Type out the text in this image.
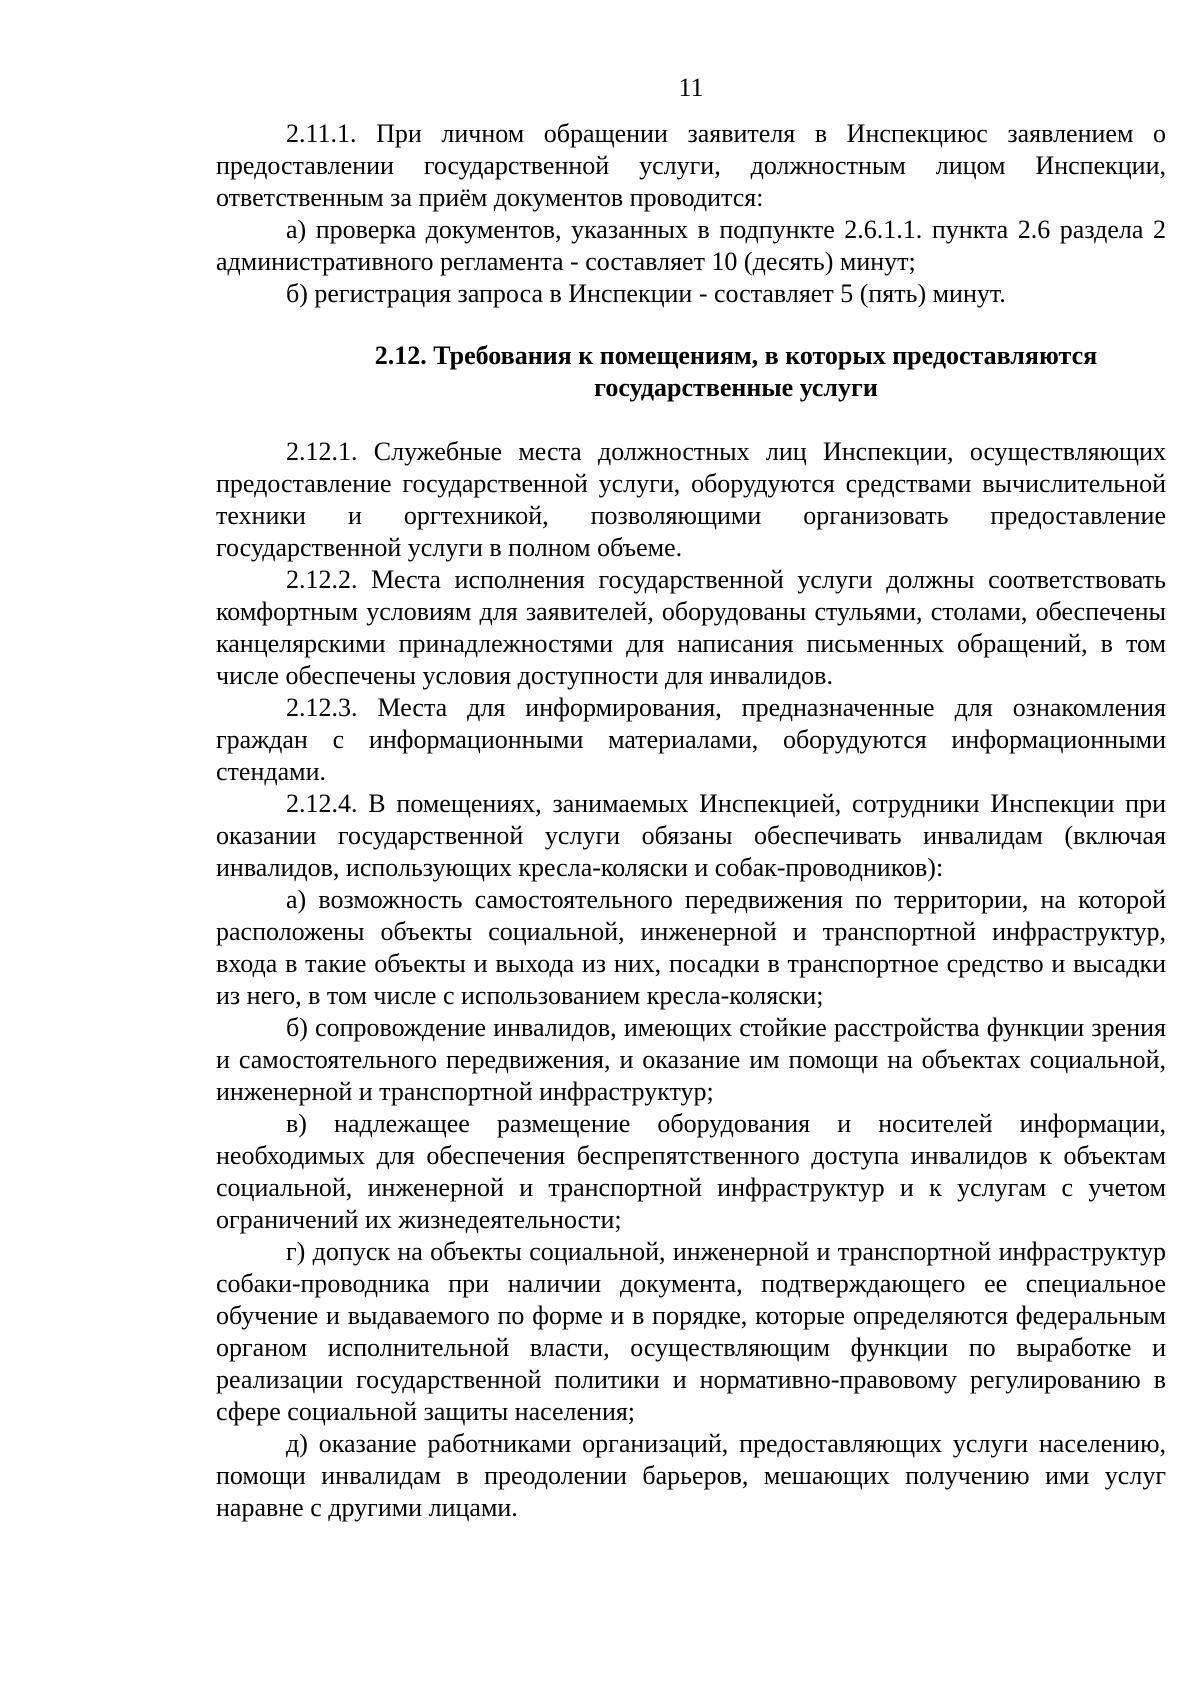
11

2.11.1. При личном обращении заявителя в Инспекциюс заявлением о предоставлении государственной услуги, должностным лицом Инспекции, ответственным за приём документов проводится:

а) проверка документов, указанных в подпункте 2.6.1.1. пункта 2.6 раздела 2 административного регламента - составляет 10 (десять) минут;

б) регистрация запроса в Инспекции - составляет 5 (пять) минут.

2.12. Требования к помещениям, в которых предоставляются
государственные услуги

2.12.1. Служебные места должностных лиц Инспекции, осуществляющих предоставление государственной услуги, оборудуются средствами вычислительной техники и оргтехникой, позволяющими организовать предоставление государственной услуги в полном объеме.

2.12.2. Места исполнения государственной услуги должны соответствовать комфортным условиям для заявителей, оборудованы стульями, столами, обеспечены канцелярскими принадлежностями для написания письменных обращений, в том числе обеспечены условия доступности для инвалидов.

2.12.3. Места для информирования, предназначенные для ознакомления граждан с информационными материалами, оборудуются информационными стендами.

2.12.4. В помещениях, занимаемых Инспекцией, сотрудники Инспекции при оказании государственной услуги обязаны обеспечивать инвалидам (включая инвалидов, использующих кресла-коляски и собак-проводников):

а) возможность самостоятельного передвижения по территории, на которой расположены объекты социальной, инженерной и транспортной инфраструктур, входа в такие объекты и выхода из них, посадки в транспортное средство и высадки из него, в том числе с использованием кресла-коляски;

б) сопровождение инвалидов, имеющих стойкие расстройства функции зрения и самостоятельного передвижения, и оказание им помощи на объектах социальной, инженерной и транспортной инфраструктур;

в) надлежащее размещение оборудования и носителей информации, необходимых для обеспечения беспрепятственного доступа инвалидов к объектам социальной, инженерной и транспортной инфраструктур и к услугам с учетом ограничений их жизнедеятельности;

г) допуск на объекты социальной, инженерной и транспортной инфраструктур собаки-проводника при наличии документа, подтверждающего ее специальное обучение и выдаваемого по форме и в порядке, которые определяются федеральным органом исполнительной власти, осуществляющим функции по выработке и реализации государственной политики и нормативно-правовому регулированию в сфере социальной защиты населения;

д) оказание работниками организаций, предоставляющих услуги населению, помощи инвалидам в преодолении барьеров, мешающих получению ими услуг наравне с другими лицами.
